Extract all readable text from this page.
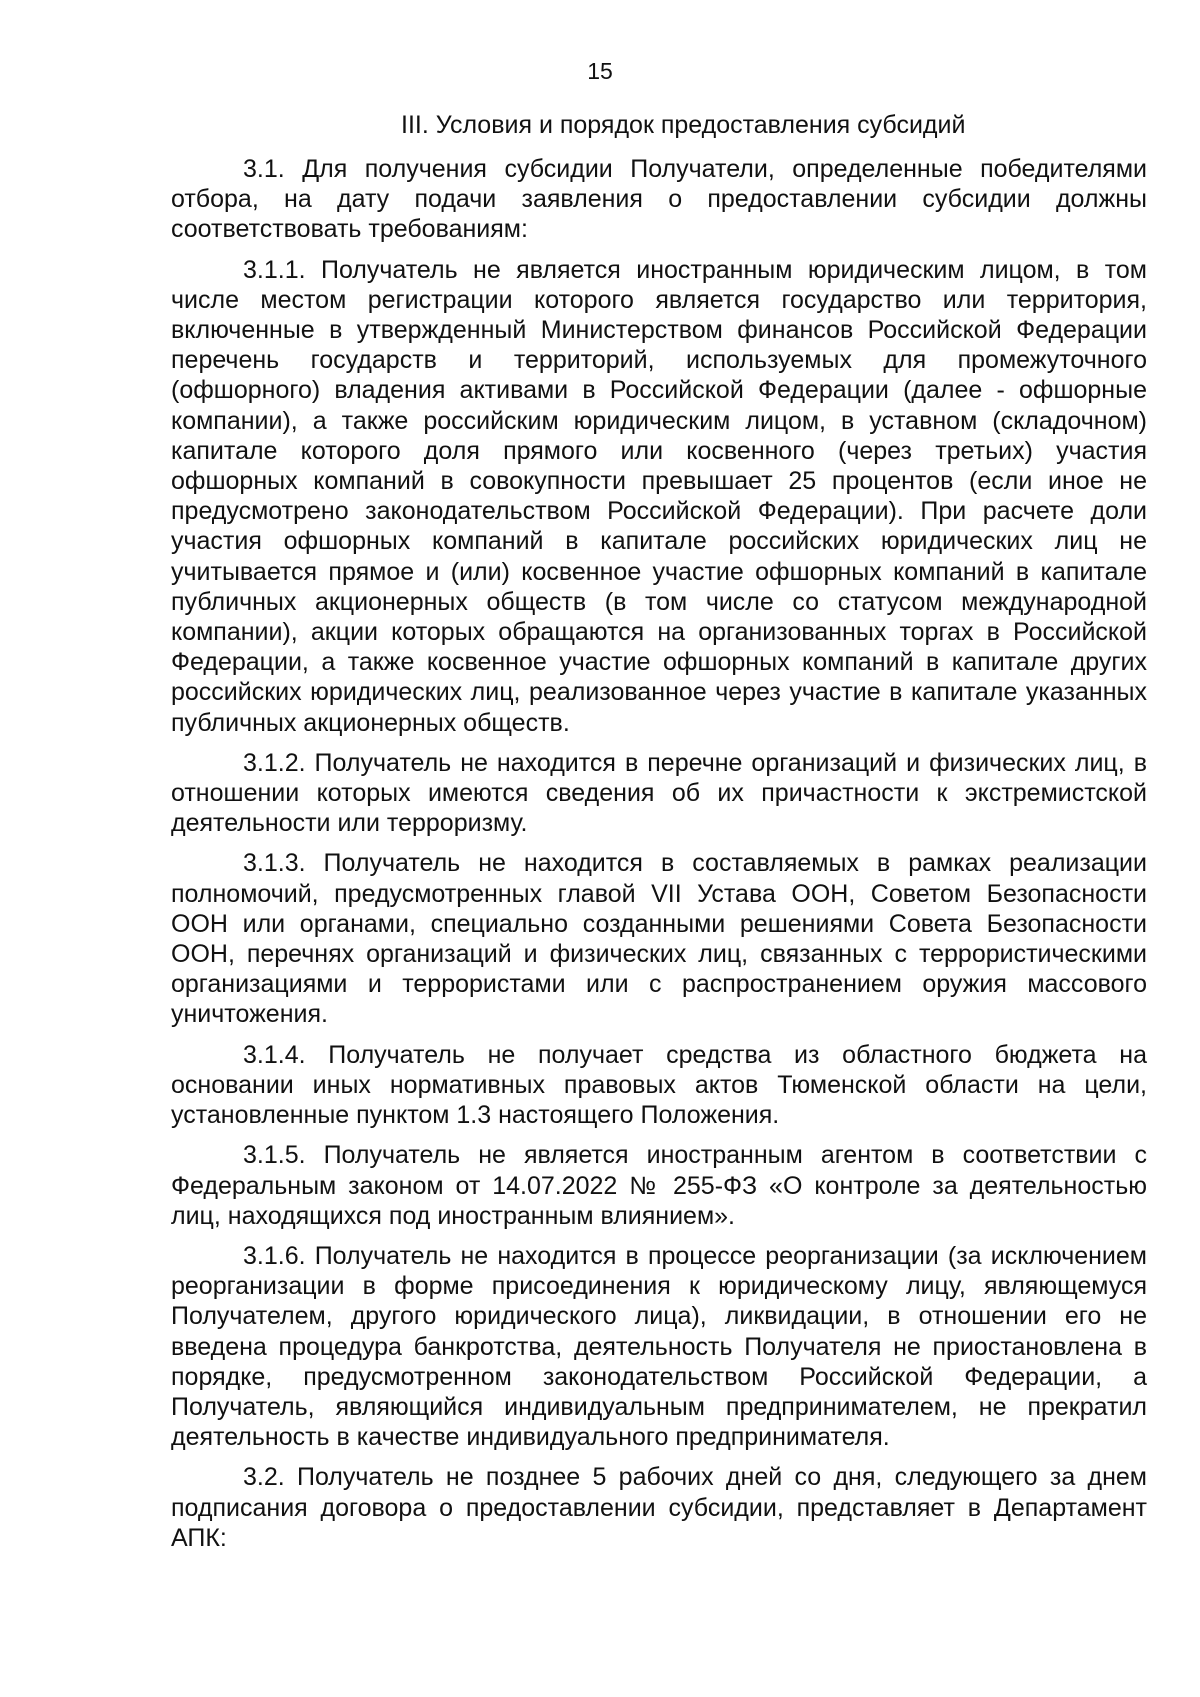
15
III. Условия и порядок предоставления субсидий

3.1. Для получения субсидии Получатели, определенные победителями отбора, на дату подачи заявления о предоставлении субсидии должны соответствовать требованиям:

3.1.1. Получатель не является иностранным юридическим лицом, в том числе местом регистрации которого является государство или территория, включенные в утвержденный Министерством финансов Российской Федерации перечень государств и территорий, используемых для промежуточного (офшорного) владения активами в Российской Федерации (далее - офшорные компании), а также российским юридическим лицом, в уставном (складочном) капитале которого доля прямого или косвенного (через третьих) участия офшорных компаний в совокупности превышает 25 процентов (если иное не предусмотрено законодательством Российской Федерации). При расчете доли участия офшорных компаний в капитале российских юридических лиц не учитывается прямое и (или) косвенное участие офшорных компаний в капитале публичных акционерных обществ (в том числе со статусом международной компании), акции которых обращаются на организованных торгах в Российской Федерации, а также косвенное участие офшорных компаний в капитале других российских юридических лиц, реализованное через участие в капитале указанных публичных акционерных обществ.

3.1.2. Получатель не находится в перечне организаций и физических лиц, в отношении которых имеются сведения об их причастности к экстремистской деятельности или терроризму.

3.1.3. Получатель не находится в составляемых в рамках реализации полномочий, предусмотренных главой VII Устава ООН, Советом Безопасности ООН или органами, специально созданными решениями Совета Безопасности ООН, перечнях организаций и физических лиц, связанных с террористическими организациями и террористами или с распространением оружия массового уничтожения.

3.1.4. Получатель не получает средства из областного бюджета на основании иных нормативных правовых актов Тюменской области на цели, установленные пунктом 1.3 настоящего Положения.

3.1.5. Получатель не является иностранным агентом в соответствии с Федеральным законом от 14.07.2022 № 255-ФЗ «О контроле за деятельностью лиц, находящихся под иностранным влиянием».

3.1.6. Получатель не находится в процессе реорганизации (за исключением реорганизации в форме присоединения к юридическому лицу, являющемуся Получателем, другого юридического лица), ликвидации, в отношении его не введена процедура банкротства, деятельность Получателя не приостановлена в порядке, предусмотренном законодательством Российской Федерации, а Получатель, являющийся индивидуальным предпринимателем, не прекратил деятельность в качестве индивидуального предпринимателя.

3.2. Получатель не позднее 5 рабочих дней со дня, следующего за днем подписания договора о предоставлении субсидии, представляет в Департамент АПК:
